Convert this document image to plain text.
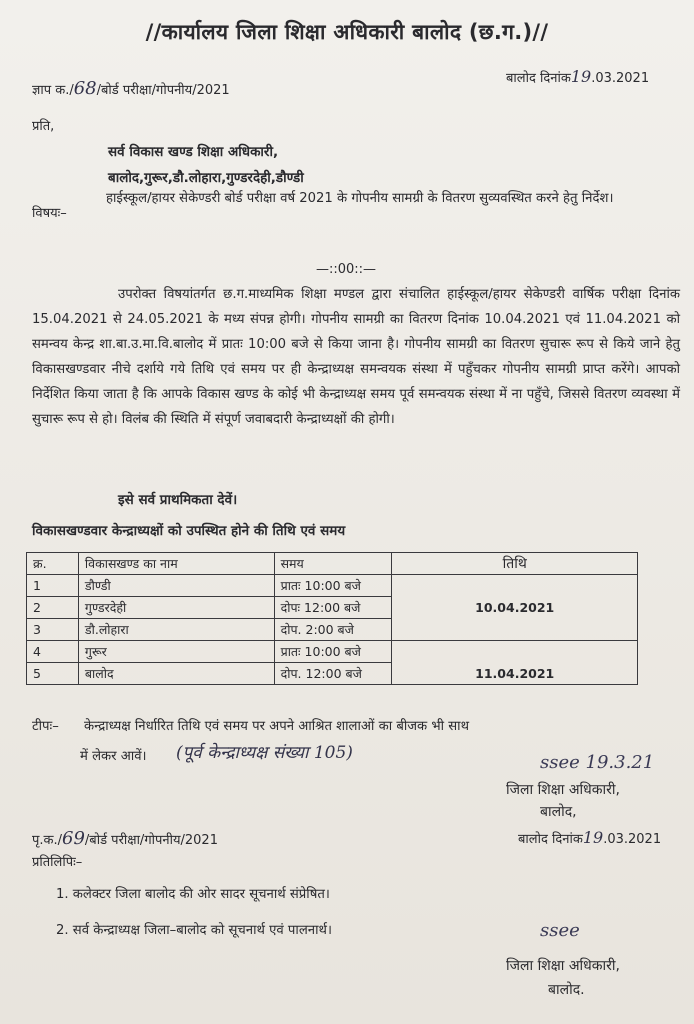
//कार्यालय जिला शिक्षा अधिकारी बालोद (छ.ग.)//
ज्ञाप क./68/बोर्ड परीक्षा/गोपनीय/2021
बालोद दिनांक19.03.2021
प्रति,
सर्व विकास खण्ड शिक्षा अधिकारी,
बालोद,गुरूर,डौ.लोहारा,गुण्डरदेही,डौण्डी
विषयः–
हाईस्कूल/हायर सेकेण्डरी बोर्ड परीक्षा वर्ष 2021 के गोपनीय सामग्री के वितरण सुव्यवस्थित करने हेतु निर्देश।
—::00::—
उपरोक्त विषयांतर्गत छ.ग.माध्यमिक शिक्षा मण्डल द्वारा संचालित हाईस्कूल/हायर सेकेण्डरी वार्षिक परीक्षा दिनांक 15.04.2021 से 24.05.2021 के मध्य संपन्न होगी। गोपनीय सामग्री का वितरण दिनांक 10.04.2021 एवं 11.04.2021 को समन्वय केन्द्र शा.बा.उ.मा.वि.बालोद में प्रातः 10:00 बजे से किया जाना है। गोपनीय सामग्री का वितरण सुचारू रूप से किये जाने हेतु विकासखण्डवार नीचे दर्शाये गये तिथि एवं समय पर ही केन्द्राध्यक्ष समन्वयक संस्था में पहुँचकर गोपनीय सामग्री प्राप्त करेंगे। आपको निर्देशित किया जाता है कि आपके विकास खण्ड के कोई भी केन्द्राध्यक्ष समय पूर्व समन्वयक संस्था में ना पहुँचे, जिससे वितरण व्यवस्था में सुचारू रूप से हो। विलंब की स्थिति में संपूर्ण जवाबदारी केन्द्राध्यक्षों की होगी।
इसे सर्व प्राथमिकता देवें।
विकासखण्डवार केन्द्राध्यक्षों को उपस्थित होने की तिथि एवं समय
क्र.	विकासखण्ड का नाम	समय	तिथि
1	डौण्डी	प्रातः 10:00 बजे	10.04.2021
2	गुण्डरदेही	दोपः 12:00 बजे	
3	डौ.लोहारा	दोप. 2:00 बजे	
4	गुरूर	प्रातः 10:00 बजे	11.04.2021
5	बालोद	दोप. 12:00 बजे	
टीपः– केन्द्राध्यक्ष निर्धारित तिथि एवं समय पर अपने आश्रित शालाओं का बीजक भी साथ
में लेकर आवें। (पूर्व केन्द्राध्यक्ष संख्या 105)	ssee 19.3.21
जिला शिक्षा अधिकारी,
बालोद,
पृ.क./69/बोर्ड परीक्षा/गोपनीय/2021	बालोद दिनांक19.03.2021
प्रतिलिपिः–
1. कलेक्टर जिला बालोद की ओर सादर सूचनार्थ संप्रेषित।
2. सर्व केन्द्राध्यक्ष जिला–बालोद को सूचनार्थ एवं पालनार्थ।	ssee
जिला शिक्षा अधिकारी,
बालोद.
